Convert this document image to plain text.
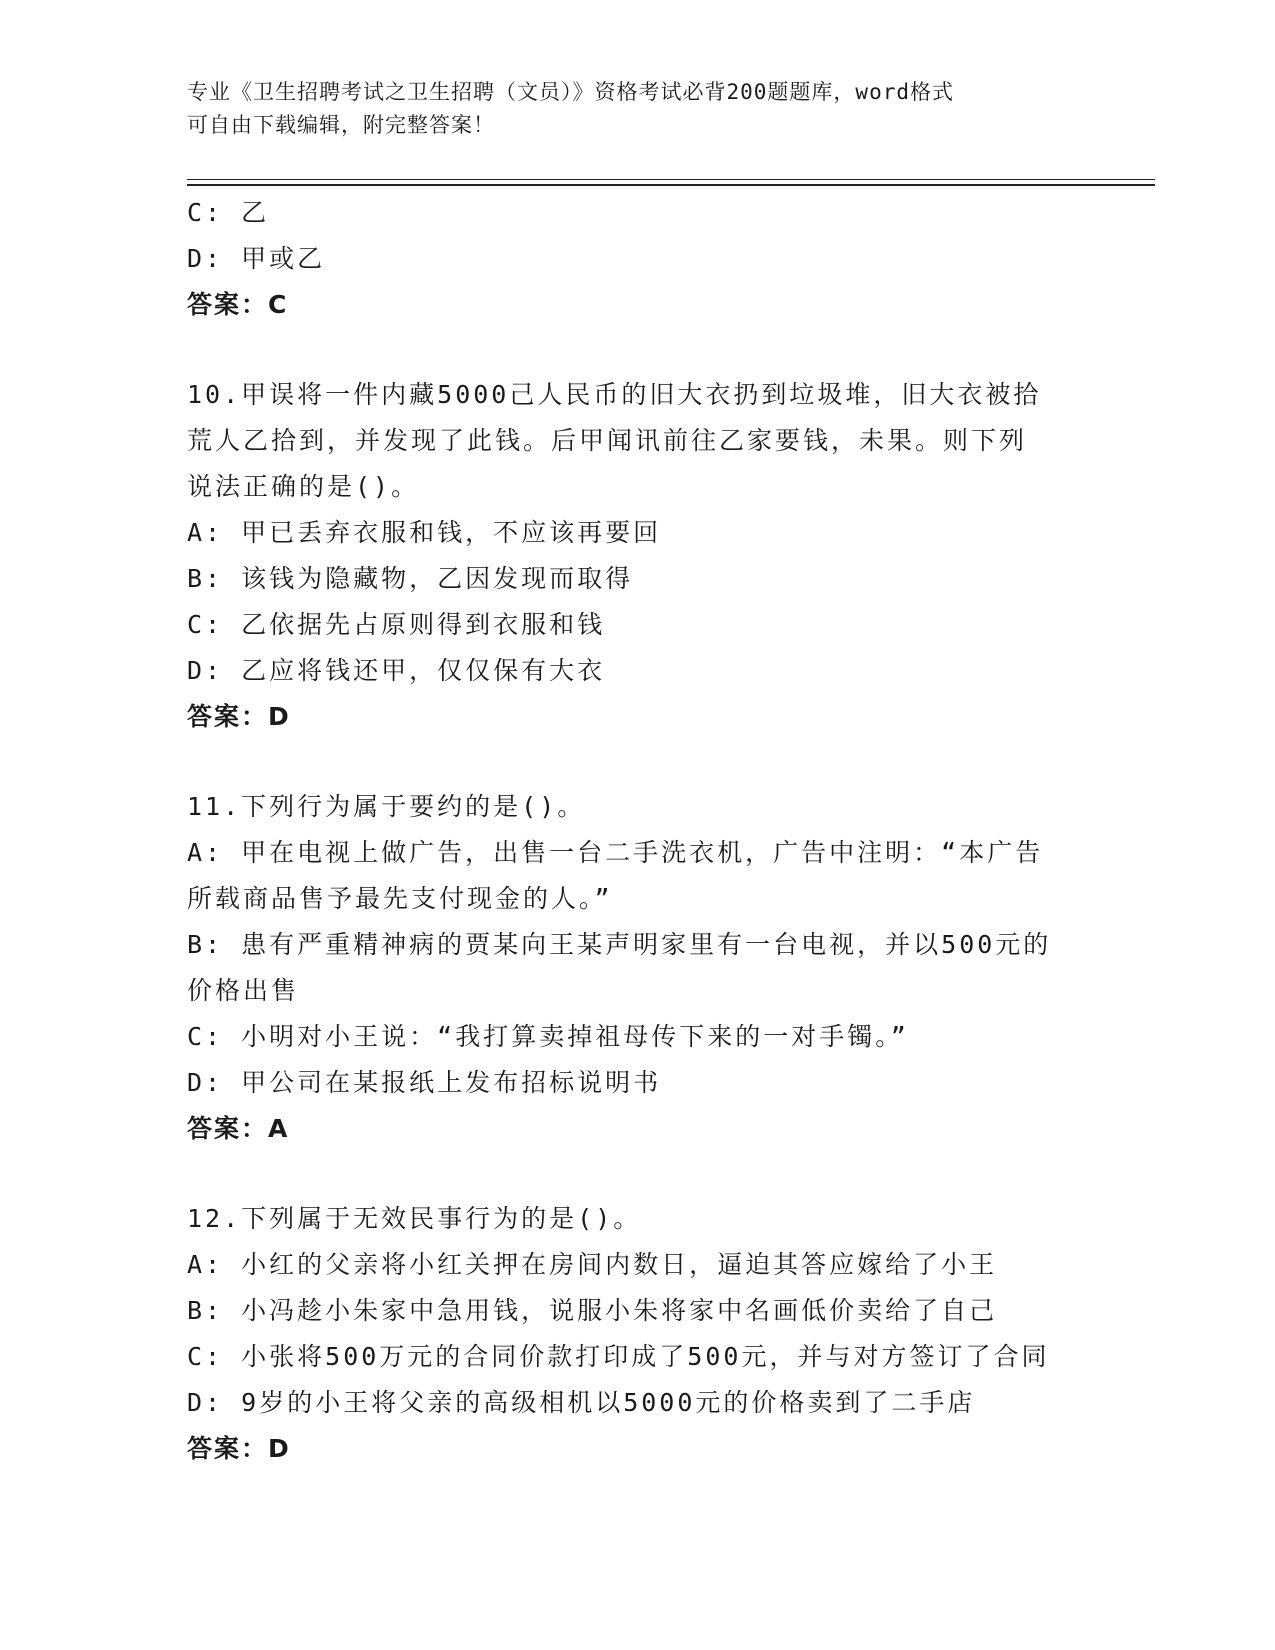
专业《卫生招聘考试之卫生招聘（文员）》资格考试必背200题题库，word格式
可自由下载编辑，附完整答案！
C: 乙
D: 甲或乙
答案：C
10.甲误将一件内藏5000己人民币的旧大衣扔到垃圾堆，旧大衣被拾
荒人乙拾到，并发现了此钱。后甲闻讯前往乙家要钱，未果。则下列
说法正确的是()。
A: 甲已丢弃衣服和钱，不应该再要回
B: 该钱为隐藏物，乙因发现而取得
C: 乙依据先占原则得到衣服和钱
D: 乙应将钱还甲，仅仅保有大衣
答案：D
11.下列行为属于要约的是()。
A: 甲在电视上做广告，出售一台二手洗衣机，广告中注明：“本广告
所载商品售予最先支付现金的人。”
B: 患有严重精神病的贾某向王某声明家里有一台电视，并以500元的
价格出售
C: 小明对小王说：“我打算卖掉祖母传下来的一对手镯。”
D: 甲公司在某报纸上发布招标说明书
答案：A
12.下列属于无效民事行为的是()。
A: 小红的父亲将小红关押在房间内数日，逼迫其答应嫁给了小王
B: 小冯趁小朱家中急用钱，说服小朱将家中名画低价卖给了自己
C: 小张将500万元的合同价款打印成了500元，并与对方签订了合同
D: 9岁的小王将父亲的高级相机以5000元的价格卖到了二手店
答案：D
